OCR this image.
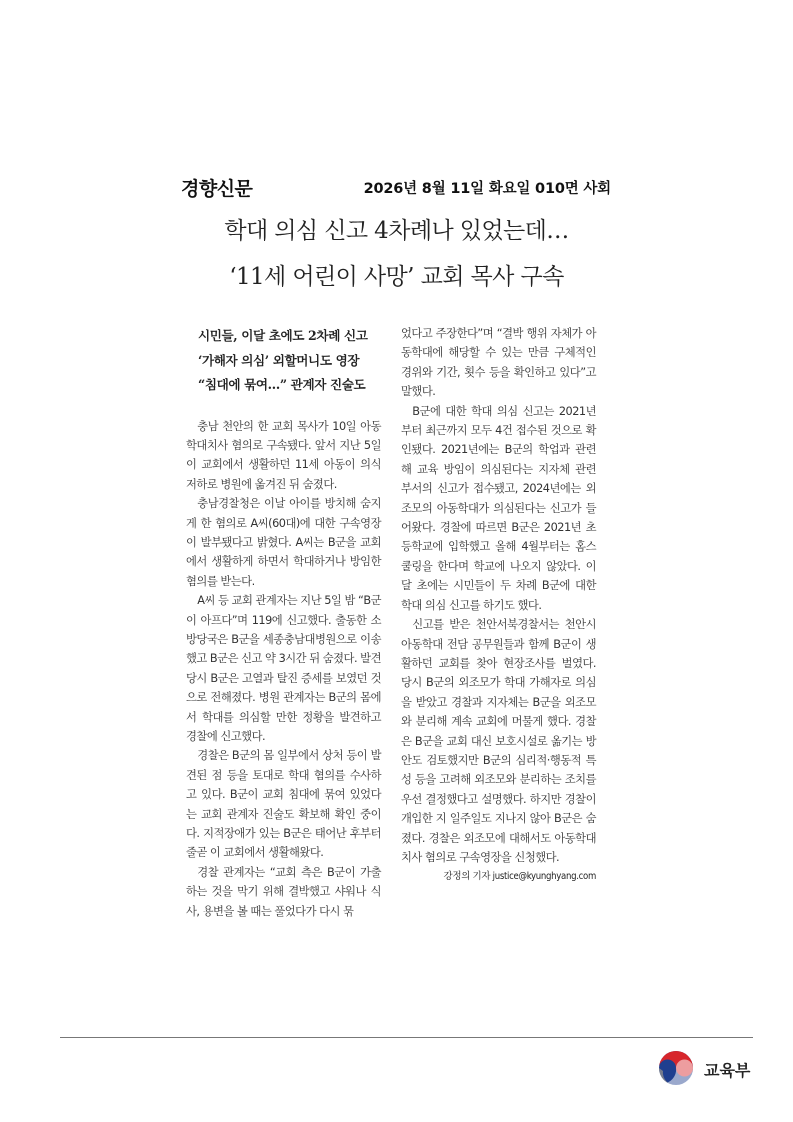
경향신문	2026년 8월 11일 화요일 010면 사회
학대 의심 신고 4차례나 있었는데…
‘11세 어린이 사망’ 교회 목사 구속
시민들, 이달 초에도 2차례 신고
‘가해자 의심’ 외할머니도 영장
“침대에 묶여…” 관계자 진술도

충남 천안의 한 교회 목사가 10일 아동학대치사 혐의로 구속됐다. 앞서 지난 5일 이 교회에서 생활하던 11세 아동이 의식 저하로 병원에 옮겨진 뒤 숨졌다.

충남경찰청은 이날 아이를 방치해 숨지게 한 혐의로 A씨(60대)에 대한 구속영장이 발부됐다고 밝혔다. A씨는 B군을 교회에서 생활하게 하면서 학대하거나 방임한 혐의를 받는다.

A씨 등 교회 관계자는 지난 5일 밤 “B군이 아프다”며 119에 신고했다. 출동한 소방당국은 B군을 세종충남대병원으로 이송했고 B군은 신고 약 3시간 뒤 숨졌다. 발견 당시 B군은 고열과 탈진 증세를 보였던 것으로 전해졌다. 병원 관계자는 B군의 몸에서 학대를 의심할 만한 정황을 발견하고 경찰에 신고했다.

경찰은 B군의 몸 일부에서 상처 등이 발견된 점 등을 토대로 학대 혐의를 수사하고 있다. B군이 교회 침대에 묶여 있었다는 교회 관계자 진술도 확보해 확인 중이다. 지적장애가 있는 B군은 태어난 후부터 줄곧 이 교회에서 생활해왔다.

경찰 관계자는 “교회 측은 B군이 가출하는 것을 막기 위해 결박했고 샤워나 식사, 용변을 볼 때는 풀었다가 다시 묶

었다고 주장한다”며 “결박 행위 자체가 아동학대에 해당할 수 있는 만큼 구체적인 경위와 기간, 횟수 등을 확인하고 있다”고 말했다.

B군에 대한 학대 의심 신고는 2021년부터 최근까지 모두 4건 접수된 것으로 확인됐다. 2021년에는 B군의 학업과 관련해 교육 방임이 의심된다는 지자체 관련 부서의 신고가 접수됐고, 2024년에는 외조모의 아동학대가 의심된다는 신고가 들어왔다. 경찰에 따르면 B군은 2021년 초등학교에 입학했고 올해 4월부터는 홈스쿨링을 한다며 학교에 나오지 않았다. 이달 초에는 시민들이 두 차례 B군에 대한 학대 의심 신고를 하기도 했다.

신고를 받은 천안서북경찰서는 천안시 아동학대 전담 공무원들과 함께 B군이 생활하던 교회를 찾아 현장조사를 벌였다. 당시 B군의 외조모가 학대 가해자로 의심을 받았고 경찰과 지자체는 B군을 외조모와 분리해 계속 교회에 머물게 했다. 경찰은 B군을 교회 대신 보호시설로 옮기는 방안도 검토했지만 B군의 심리적·행동적 특성 등을 고려해 외조모와 분리하는 조치를 우선 결정했다고 설명했다. 하지만 경찰이 개입한 지 일주일도 지나지 않아 B군은 숨졌다. 경찰은 외조모에 대해서도 아동학대치사 혐의로 구속영장을 신청했다.

강정의 기자 justice@kyunghyang.com
교육부
